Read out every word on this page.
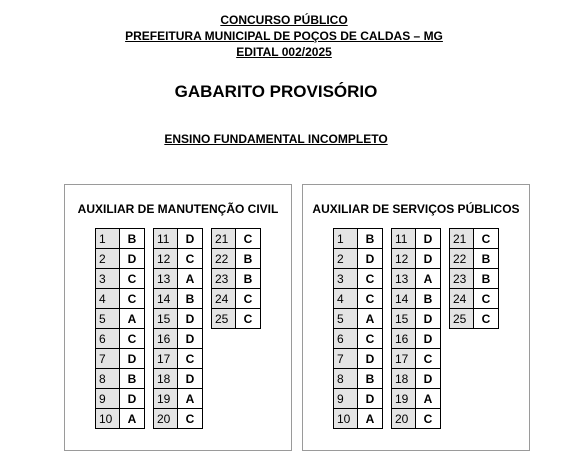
CONCURSO PÚBLICO
PREFEITURA MUNICIPAL DE POÇOS DE CALDAS – MG
EDITAL 002/2025
GABARITO PROVISÓRIO
ENSINO FUNDAMENTAL INCOMPLETO
AUXILIAR DE MANUTENÇÃO CIVIL
1	B
2	D
3	C
4	C
5	A
6	C
7	D
8	B
9	D
10	A
11	D
12	C
13	A
14	B
15	D
16	D
17	C
18	D
19	A
20	C
21	C
22	B
23	B
24	C
25	C
AUXILIAR DE SERVIÇOS PÚBLICOS
1	B
2	D
3	C
4	C
5	A
6	C
7	D
8	B
9	D
10	A
11	D
12	D
13	A
14	B
15	D
16	D
17	C
18	D
19	A
20	C
21	C
22	B
23	B
24	C
25	C
